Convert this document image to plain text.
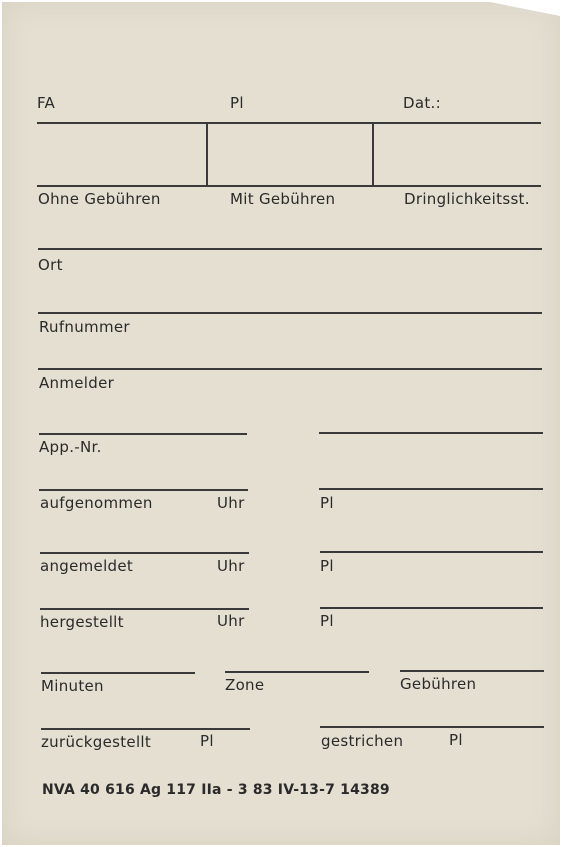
FA	Pl	Dat.:
Ohne Gebühren	Mit Gebühren	Dringlichkeitsst.
Ort
Rufnummer
Anmelder
App.-Nr.
aufgenommen	Uhr	Pl
angemeldet	Uhr	Pl
hergestellt	Uhr	Pl
Minuten	Zone	Gebühren
zurückgestellt	Pl	gestrichen	Pl
NVA 40 616 Ag 117 IIa - 3 83 IV-13-7 14389
